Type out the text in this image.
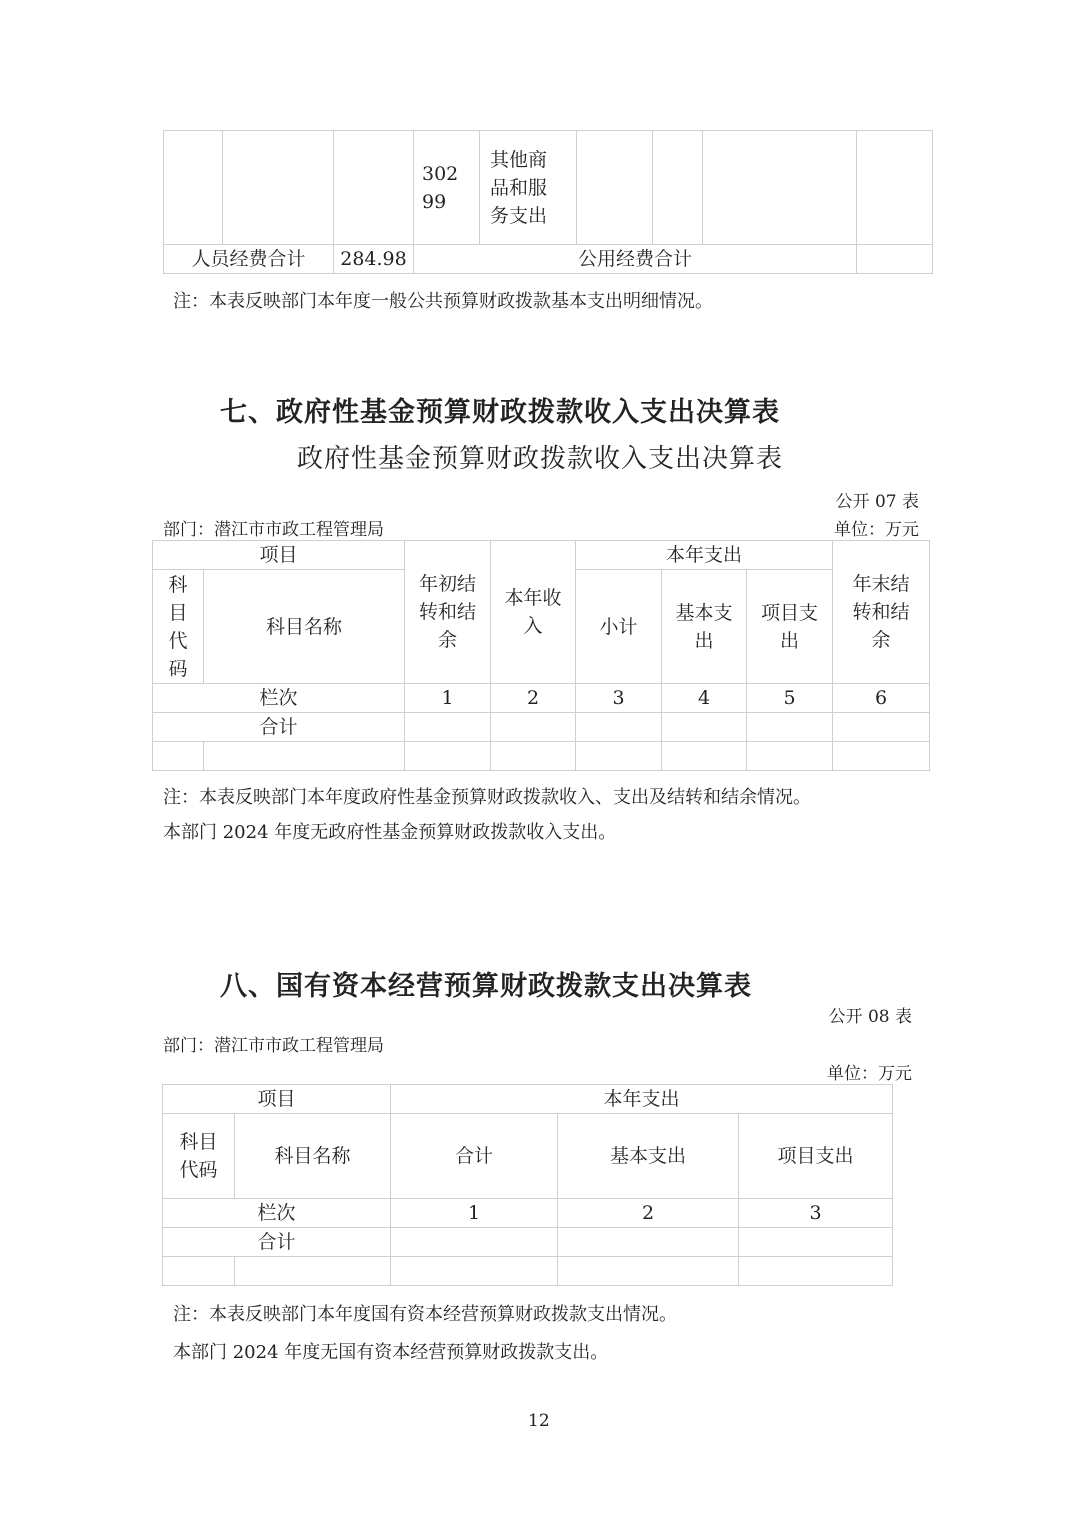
			30299	其他商品和服务支出				
人员经费合计		284.98	公用经费合计					
注：本表反映部门本年度一般公共预算财政拨款基本支出明细情况。
七、政府性基金预算财政拨款收入支出决算表
政府性基金预算财政拨款收入支出决算表
公开 07 表
部门：潜江市市政工程管理局	单位：万元
项目		年初结转和结余	本年收入	本年支出			年末结转和结余
科目代码	科目名称			小计	基本支出	项目支出	
栏次		1	2	3	4	5	6
合计							

注：本表反映部门本年度政府性基金预算财政拨款收入、支出及结转和结余情况。
本部门 2024 年度无政府性基金预算财政拨款收入支出。
八、国有资本经营预算财政拨款支出决算表
公开 08 表
部门：潜江市市政工程管理局
单位：万元
项目		本年支出		
科目代码	科目名称	合计	基本支出	项目支出
栏次		1	2	3
合计				

注：本表反映部门本年度国有资本经营预算财政拨款支出情况。
本部门 2024 年度无国有资本经营预算财政拨款支出。
12
